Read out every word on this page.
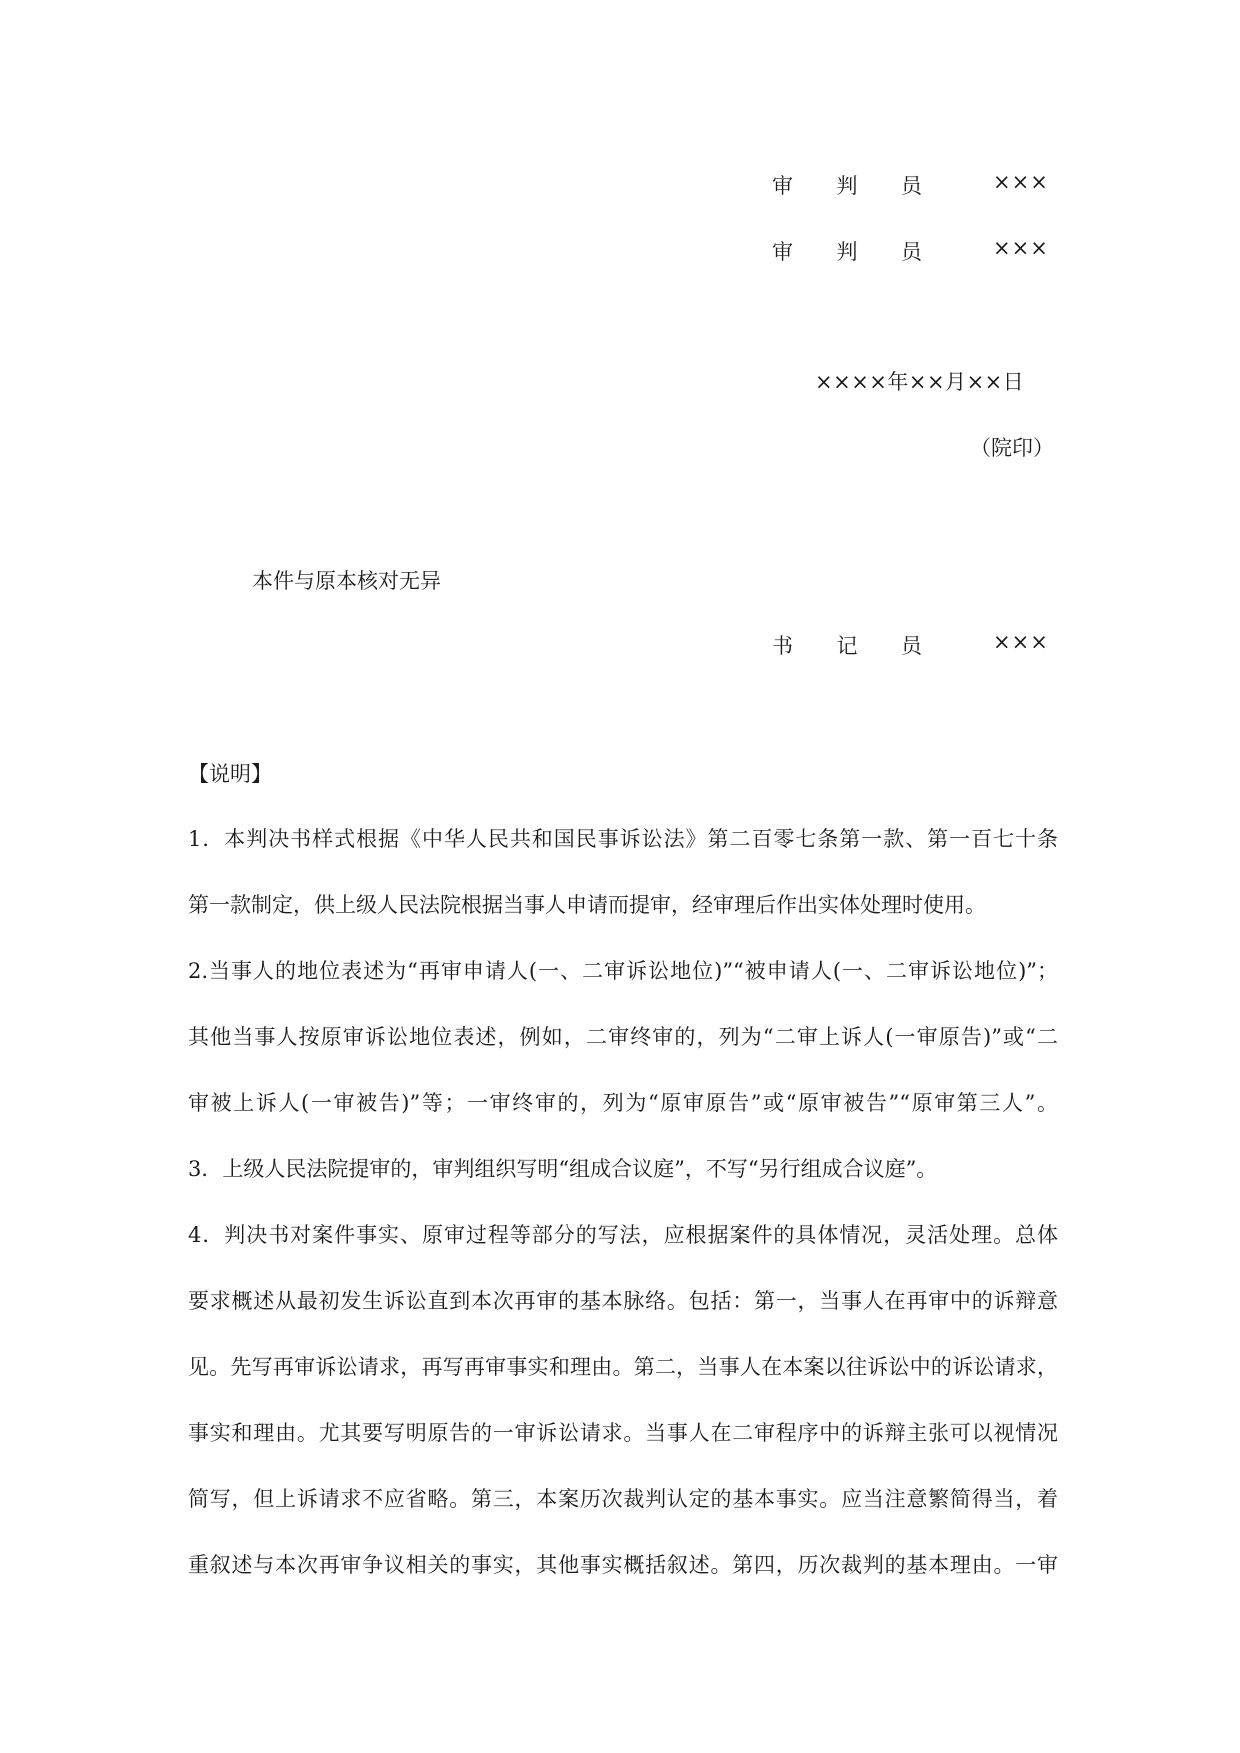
审 判 员	×××
审 判 员	×××
××××年××月××日
（院印）
本件与原本核对无异
书 记 员	×××
【说明】
1．本判决书样式根据《中华人民共和国民事诉讼法》第二百零七条第一款、第一百七十条
第一款制定，供上级人民法院根据当事人申请而提审，经审理后作出实体处理时使用。
2.当事人的地位表述为“再审申请人(一、二审诉讼地位)”“被申请人(一、二审诉讼地位)”；
其他当事人按原审诉讼地位表述，例如，二审终审的，列为“二审上诉人(一审原告)”或“二
审被上诉人(一审被告)”等；一审终审的，列为“原审原告”或“原审被告”“原审第三人”。
3．上级人民法院提审的，审判组织写明“组成合议庭”，不写“另行组成合议庭”。
4．判决书对案件事实、原审过程等部分的写法，应根据案件的具体情况，灵活处理。总体
要求概述从最初发生诉讼直到本次再审的基本脉络。包括：第一，当事人在再审中的诉辩意
见。先写再审诉讼请求，再写再审事实和理由。第二，当事人在本案以往诉讼中的诉讼请求，
事实和理由。尤其要写明原告的一审诉讼请求。当事人在二审程序中的诉辩主张可以视情况
简写，但上诉请求不应省略。第三，本案历次裁判认定的基本事实。应当注意繁简得当，着
重叙述与本次再审争议相关的事实，其他事实概括叙述。第四，历次裁判的基本理由。一审
